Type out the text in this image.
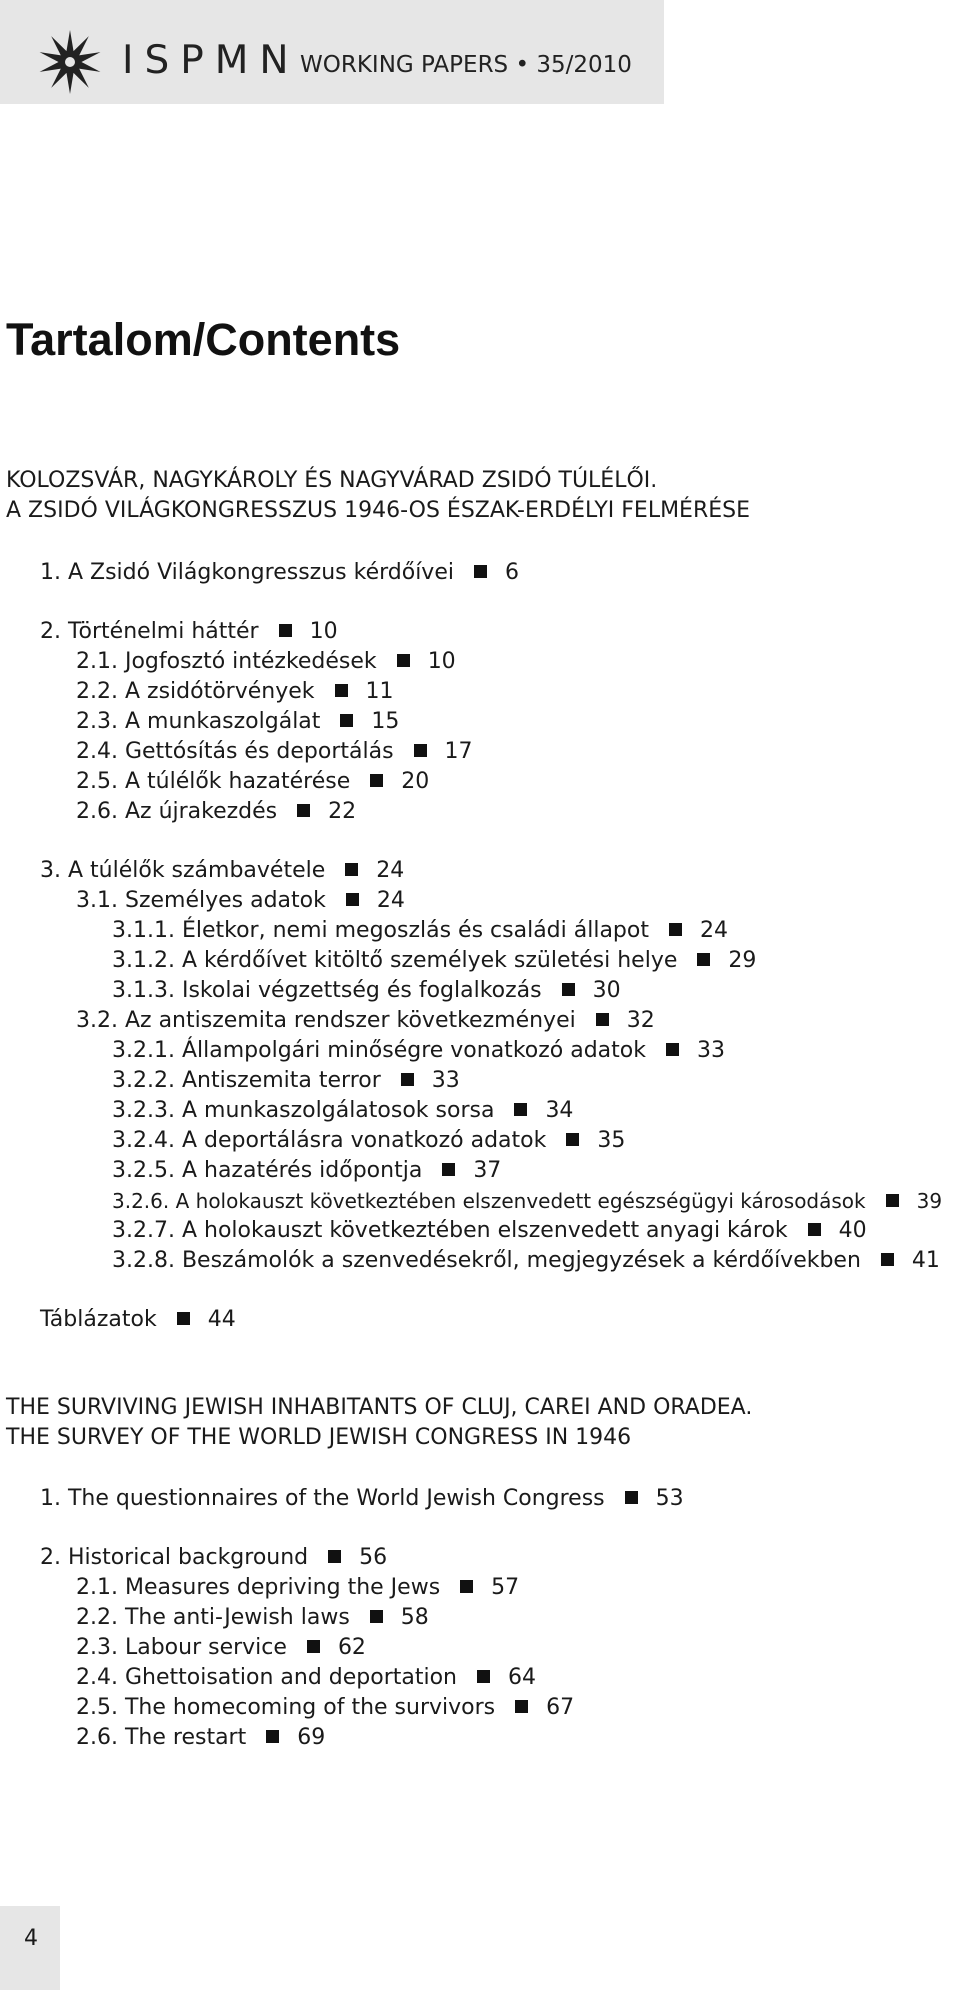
ISPMN WORKING PAPERS • 35/2010
Tartalom/Contents
KOLOZSVÁR, NAGYKÁROLY ÉS NAGYVÁRAD ZSIDÓ TÚLÉLŐI.
A ZSIDÓ VILÁGKONGRESSZUS 1946-OS ÉSZAK-ERDÉLYI FELMÉRÉSE
THE SURVIVING JEWISH INHABITANTS OF CLUJ, CAREI AND ORADEA.
THE SURVEY OF THE WORLD JEWISH CONGRESS IN 1946
1. A Zsidó Világkongresszus kérdőívei 6
2. Történelmi háttér 10
2.1. Jogfosztó intézkedések 10
2.2. A zsidótörvények 11
2.3. A munkaszolgálat 15
2.4. Gettósítás és deportálás 17
2.5. A túlélők hazatérése 20
2.6. Az újrakezdés 22
3. A túlélők számbavétele 24
3.1. Személyes adatok 24
3.1.1. Életkor, nemi megoszlás és családi állapot 24
3.1.2. A kérdőívet kitöltő személyek születési helye 29
3.1.3. Iskolai végzettség és foglalkozás 30
3.2. Az antiszemita rendszer következményei 32
3.2.1. Állampolgári minőségre vonatkozó adatok 33
3.2.2. Antiszemita terror 33
3.2.3. A munkaszolgálatosok sorsa 34
3.2.4. A deportálásra vonatkozó adatok 35
3.2.5. A hazatérés időpontja 37
3.2.6. A holokauszt következtében elszenvedett egészségügyi károsodások	39
3.2.7. A holokauszt következtében elszenvedett anyagi károk 40
3.2.8. Beszámolók a szenvedésekről, megjegyzések a kérdőívekben 41
Táblázatok 44
1. The questionnaires of the World Jewish Congress 53
2. Historical background 56
2.1. Measures depriving the Jews 57
2.2. The anti-Jewish laws 58
2.3. Labour service 62
2.4. Ghettoisation and deportation 64
2.5. The homecoming of the survivors 67
2.6. The restart 69
4
